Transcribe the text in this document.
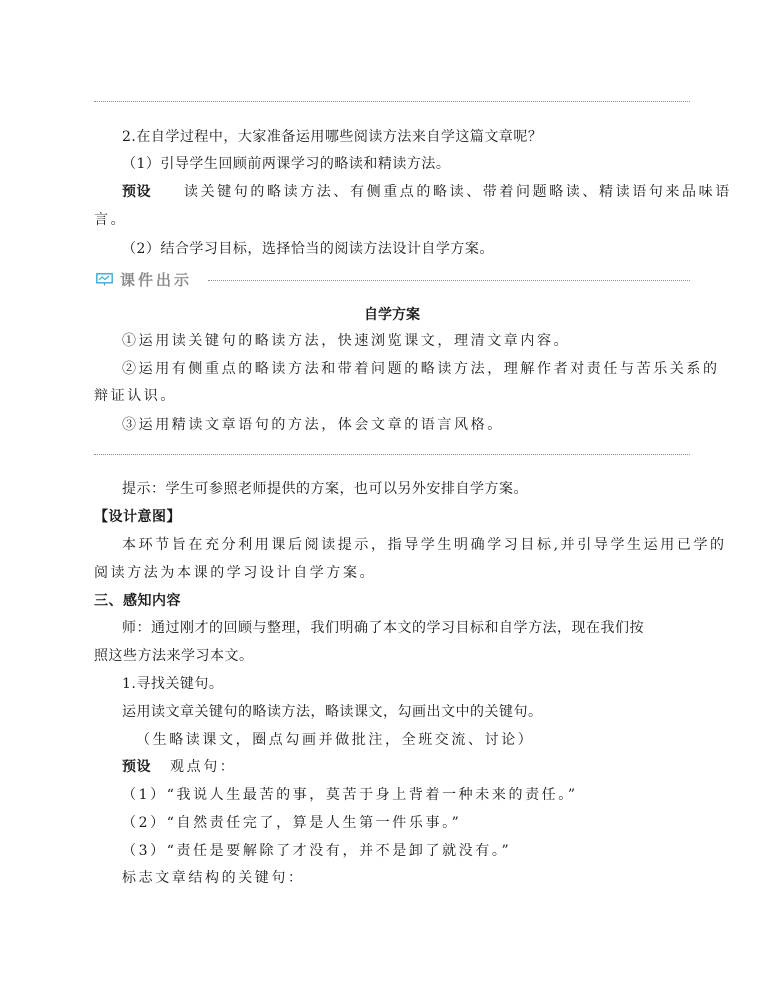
2.在自学过程中，大家准备运用哪些阅读方法来自学这篇文章呢？
（1）引导学生回顾前两课学习的略读和精读方法。
预设 读关键句的略读方法、有侧重点的略读、带着问题略读、精读语句来品味语
言。
（2）结合学习目标，选择恰当的阅读方法设计自学方案。
课件出示
自学方案
①运用读关键句的略读方法，快速浏览课文，理清文章内容。
②运用有侧重点的略读方法和带着问题的略读方法，理解作者对责任与苦乐关系的
辩证认识。
③运用精读文章语句的方法，体会文章的语言风格。
提示：学生可参照老师提供的方案，也可以另外安排自学方案。
【设计意图】
本环节旨在充分利用课后阅读提示，指导学生明确学习目标,并引导学生运用已学的
阅读方法为本课的学习设计自学方案。
三、感知内容
师：通过刚才的回顾与整理，我们明确了本文的学习目标和自学方法，现在我们按
照这些方法来学习本文。
1.寻找关键句。
运用读文章关键句的略读方法，略读课文，勾画出文中的关键句。
（生略读课文，圈点勾画并做批注，全班交流、讨论）
预设 观点句：
（1）“我说人生最苦的事，莫苦于身上背着一种未来的责任。”
（2）“自然责任完了，算是人生第一件乐事。”
（3）“责任是要解除了才没有，并不是卸了就没有。”
标志文章结构的关键句：
